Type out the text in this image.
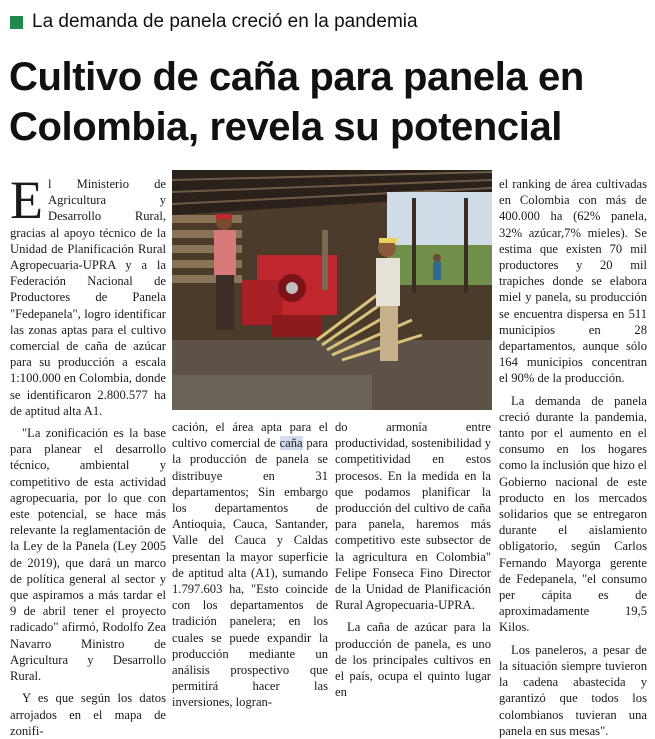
La demanda de panela creció en la pandemia
Cultivo de caña para panela en Colombia, revela su potencial

El Ministerio de Agricultura y Desarrollo Rural, gracias al apoyo técnico de la Unidad de Planificación Rural Agropecuaria-UPRA y a la Federación Nacional de Productores de Panela "Fedepanela", logro identificar las zonas aptas para el cultivo comercial de caña de azúcar para su producción a escala 1:100.000 en Colombia, donde se identificaron 2.800.577 ha de aptitud alta A1.

"La zonificación es la base para planear el desarrollo técnico, ambiental y competitivo de esta actividad agropecuaria, por lo que con este potencial, se hace más relevante la reglamentación de la Ley de la Panela (Ley 2005 de 2019), que dará un marco de política general al sector y que aspiramos a más tardar el 9 de abril tener el proyecto radicado" afirmó, Rodolfo Zea Navarro Ministro de Agricultura y Desarrollo Rural.

Y es que según los datos arrojados en el mapa de zonifi-

cación, el área apta para el cultivo comercial de caña para la producción de panela se distribuye en 31 departamentos; Sin embargo los departamentos de Antioquia, Cauca, Santander, Valle del Cauca y Caldas presentan la mayor superficie de aptitud alta (A1), sumando 1.797.603 ha, "Esto coincide con los departamentos de tradición panelera; en los cuales se puede expandir la producción mediante un análisis prospectivo que permitirá hacer las inversiones, logran-

do armonía entre productividad, sostenibilidad y competitividad en estos procesos. En la medida en la que podamos planificar la producción del cultivo de caña para panela, haremos más competitivo este subsector de la agricultura en Colombia" Felipe Fonseca Fino Director de la Unidad de Planificación Rural Agropecuaria-UPRA.

La caña de azúcar para la producción de panela, es uno de los principales cultivos en el país, ocupa el quinto lugar en

el ranking de área cultivadas en Colombia con más de 400.000 ha (62% panela, 32% azúcar,7% mieles). Se estima que existen 70 mil productores y 20 mil trapiches donde se elabora miel y panela, su producción se encuentra dispersa en 511 municipios en 28 departamentos, aunque sólo 164 municipios concentran el 90% de la producción.

La demanda de panela creció durante la pandemia, tanto por el aumento en el consumo en los hogares como la inclusión que hizo el Gobierno nacional de este producto en los mercados solidarios que se entregaron durante el aislamiento obligatorio, según Carlos Fernando Mayorga gerente de Fedepanela, "el consumo per cápita es de aproximadamente 19,5 Kilos.

Los paneleros, a pesar de la situación siempre tuvieron la cadena abastecida y garantizó que todos los colombianos tuvieran una panela en sus mesas".
